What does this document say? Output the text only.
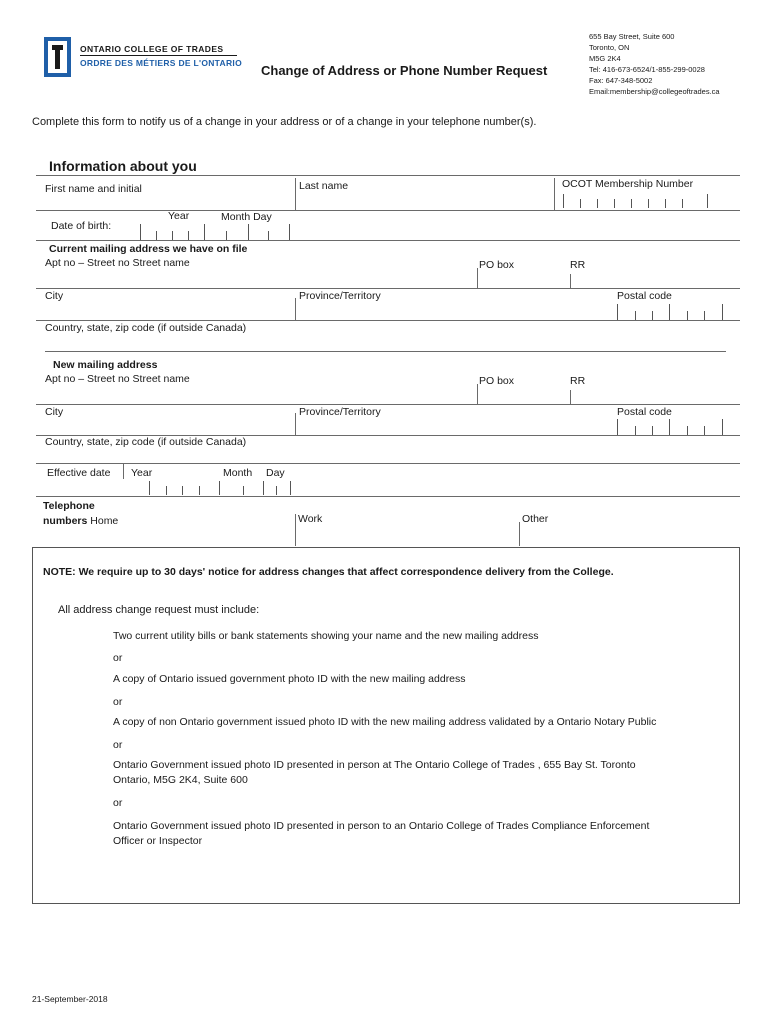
ONTARIO COLLEGE OF TRADES
ORDRE DES MÉTIERS DE L'ONTARIO Change of Address or Phone Number Request
655 Bay Street, Suite 600
Toronto, ON
M5G 2K4
Tel: 416-673-6524/1-855-299-0028
Fax: 647-348-5002
Email:membership@collegeoftrades.ca
Complete this form to notify us of a change in your address or of a change in your telephone number(s).
Information about you
First name and initial	Last name	OCOT Membership Number
Date of birth:
Year	Month Day
Current mailing address we have on file
Apt no – Street no Street name	PO box	RR
City	Province/Territory	Postal code
Country, state, zip code (if outside Canada)
New mailing address
Apt no – Street no Street name	PO box	RR
City	Province/Territory	Postal code
Country, state, zip code (if outside Canada)
Effective date Year	Month Day
Telephone
numbers Home	Work	Other
NOTE: We require up to 30 days' notice for address changes that affect correspondence delivery from the College.
All address change request must include:
Two current utility bills or bank statements showing your name and the new mailing address
or
A copy of Ontario issued government photo ID with the new mailing address
or
A copy of non Ontario government issued photo ID with the new mailing address validated by a Ontario Notary Public
or
Ontario Government issued photo ID presented in person at The Ontario College of Trades , 655 Bay St. Toronto
Ontario, M5G 2K4, Suite 600
or
Ontario Government issued photo ID presented in person to an Ontario College of Trades Compliance Enforcement
Officer or Inspector
21-September-2018
